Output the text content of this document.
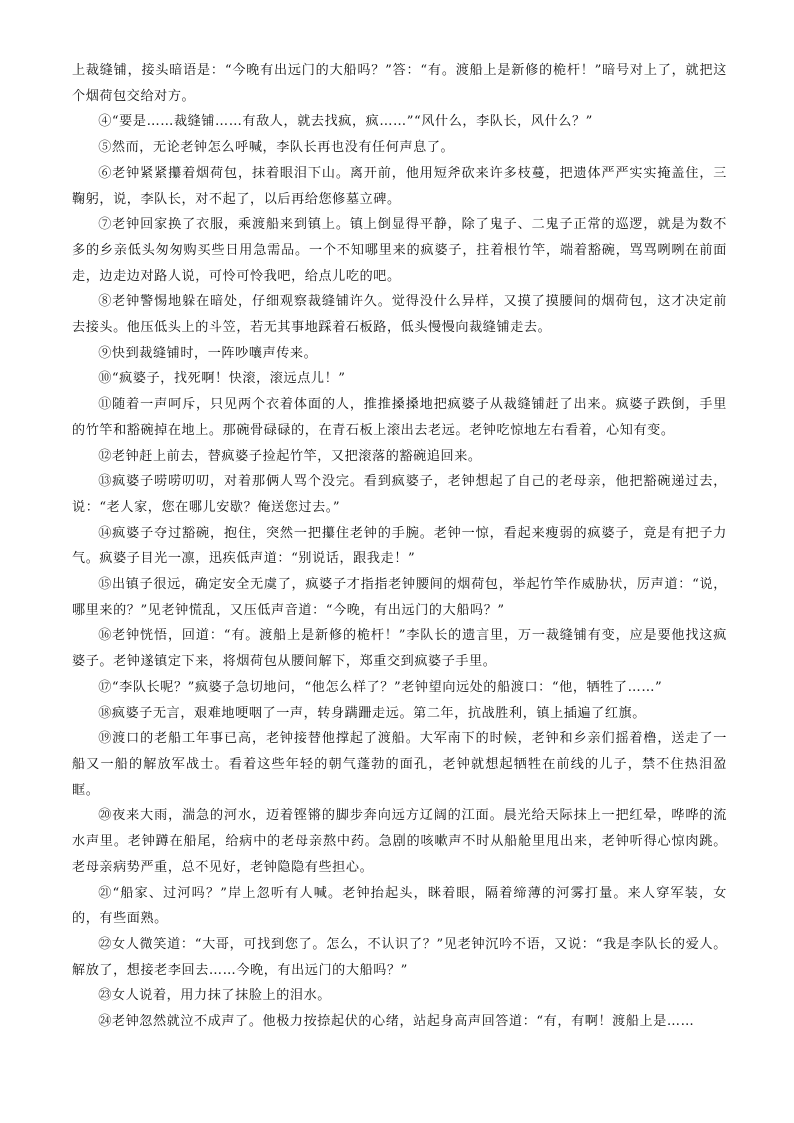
上裁缝铺，接头暗语是：“今晚有出远门的大船吗？”答：“有。渡船上是新修的桅杆！”暗号对上了，就把这个烟荷包交给对方。

④“要是……裁缝铺……有敌人，就去找疯，疯……”“风什么，李队长，风什么？”

⑤然而，无论老钟怎么呼喊，李队长再也没有任何声息了。

⑥老钟紧紧攥着烟荷包，抹着眼泪下山。离开前，他用短斧砍来许多枝蔓，把遗体严严实实掩盖住，三鞠躬，说，李队长，对不起了，以后再给您修墓立碑。

⑦老钟回家换了衣服，乘渡船来到镇上。镇上倒显得平静，除了鬼子、二鬼子正常的巡逻，就是为数不多的乡亲低头匆匆购买些日用急需品。一个不知哪里来的疯婆子，拄着根竹竿，端着豁碗，骂骂咧咧在前面走，边走边对路人说，可怜可怜我吧，给点儿吃的吧。

⑧老钟警惕地躲在暗处，仔细观察裁缝铺许久。觉得没什么异样，又摸了摸腰间的烟荷包，这才决定前去接头。他压低头上的斗笠，若无其事地踩着石板路，低头慢慢向裁缝铺走去。

⑨快到裁缝铺时，一阵吵嚷声传来。

⑩“疯婆子，找死啊！快滚，滚远点儿！”

⑪随着一声呵斥，只见两个衣着体面的人，推推搡搡地把疯婆子从裁缝铺赶了出来。疯婆子跌倒，手里的竹竿和豁碗掉在地上。那碗骨碌碌的，在青石板上滚出去老远。老钟吃惊地左右看着，心知有变。

⑫老钟赶上前去，替疯婆子捡起竹竿，又把滚落的豁碗追回来。

⑬疯婆子唠唠叨叨，对着那俩人骂个没完。看到疯婆子，老钟想起了自己的老母亲，他把豁碗递过去，说：“老人家，您在哪儿安歇？俺送您过去。”

⑭疯婆子夺过豁碗，抱住，突然一把攥住老钟的手腕。老钟一惊，看起来瘦弱的疯婆子，竟是有把子力气。疯婆子目光一凛，迅疾低声道：“别说话，跟我走！”

⑮出镇子很远，确定安全无虞了，疯婆子才指指老钟腰间的烟荷包，举起竹竿作威胁状，厉声道：“说，哪里来的？”见老钟慌乱，又压低声音道：“今晚，有出远门的大船吗？”

⑯老钟恍悟，回道：“有。渡船上是新修的桅杆！”李队长的遗言里，万一裁缝铺有变，应是要他找这疯婆子。老钟遂镇定下来，将烟荷包从腰间解下，郑重交到疯婆子手里。

⑰“李队长呢？”疯婆子急切地问，“他怎么样了？”老钟望向远处的船渡口：“他，牺牲了……”

⑱疯婆子无言，艰难地哽咽了一声，转身蹒跚走远。第二年，抗战胜利，镇上插遍了红旗。

⑲渡口的老船工年事已高，老钟接替他撑起了渡船。大军南下的时候，老钟和乡亲们摇着橹，送走了一船又一船的解放军战士。看着这些年轻的朝气蓬勃的面孔，老钟就想起牺牲在前线的儿子，禁不住热泪盈眶。

⑳夜来大雨，湍急的河水，迈着铿锵的脚步奔向远方辽阔的江面。晨光给天际抹上一把红晕，哗哗的流水声里。老钟蹲在船尾，给病中的老母亲熬中药。急剧的咳嗽声不时从船舱里甩出来，老钟听得心惊肉跳。老母亲病势严重，总不见好，老钟隐隐有些担心。

㉑“船家、过河吗？”岸上忽听有人喊。老钟抬起头，眯着眼，隔着缔薄的河雾打量。来人穿军装，女的，有些面熟。

㉒女人微笑道：“大哥，可找到您了。怎么，不认识了？”见老钟沉吟不语，又说：“我是李队长的爱人。解放了，想接老李回去……今晚，有出远门的大船吗？”

㉓女人说着，用力抹了抹脸上的泪水。

㉔老钟忽然就泣不成声了。他极力按捺起伏的心绪，站起身高声回答道：“有，有啊！渡船上是……
